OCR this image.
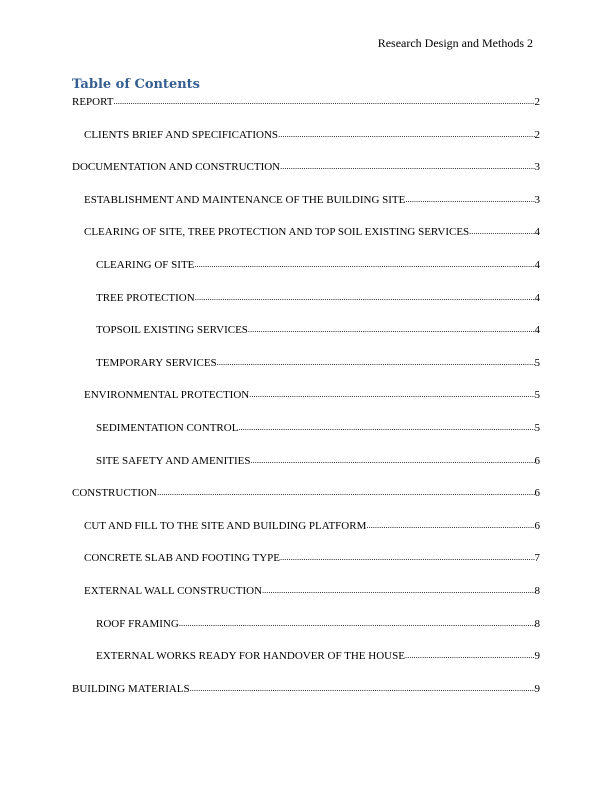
Research Design and Methods 2
Table of Contents
REPORT .....	2
CLIENTS BRIEF AND SPECIFICATIONS .....	2
DOCUMENTATION AND CONSTRUCTION .....	3
ESTABLISHMENT AND MAINTENANCE OF THE BUILDING SITE .....	3
CLEARING OF SITE, TREE PROTECTION AND TOP SOIL EXISTING SERVICES .....	4
CLEARING OF SITE .....	4
TREE PROTECTION .....	4
TOPSOIL EXISTING SERVICES .....	4
TEMPORARY SERVICES .....	5
ENVIRONMENTAL PROTECTION .....	5
SEDIMENTATION CONTROL .....	5
SITE SAFETY AND AMENITIES .....	6
CONSTRUCTION .....	6
CUT AND FILL TO THE SITE AND BUILDING PLATFORM .....	6
CONCRETE SLAB AND FOOTING TYPE .....	7
EXTERNAL WALL CONSTRUCTION .....	8
ROOF FRAMING .....	8
EXTERNAL WORKS READY FOR HANDOVER OF THE HOUSE .....	9
BUILDING MATERIALS .....	9
